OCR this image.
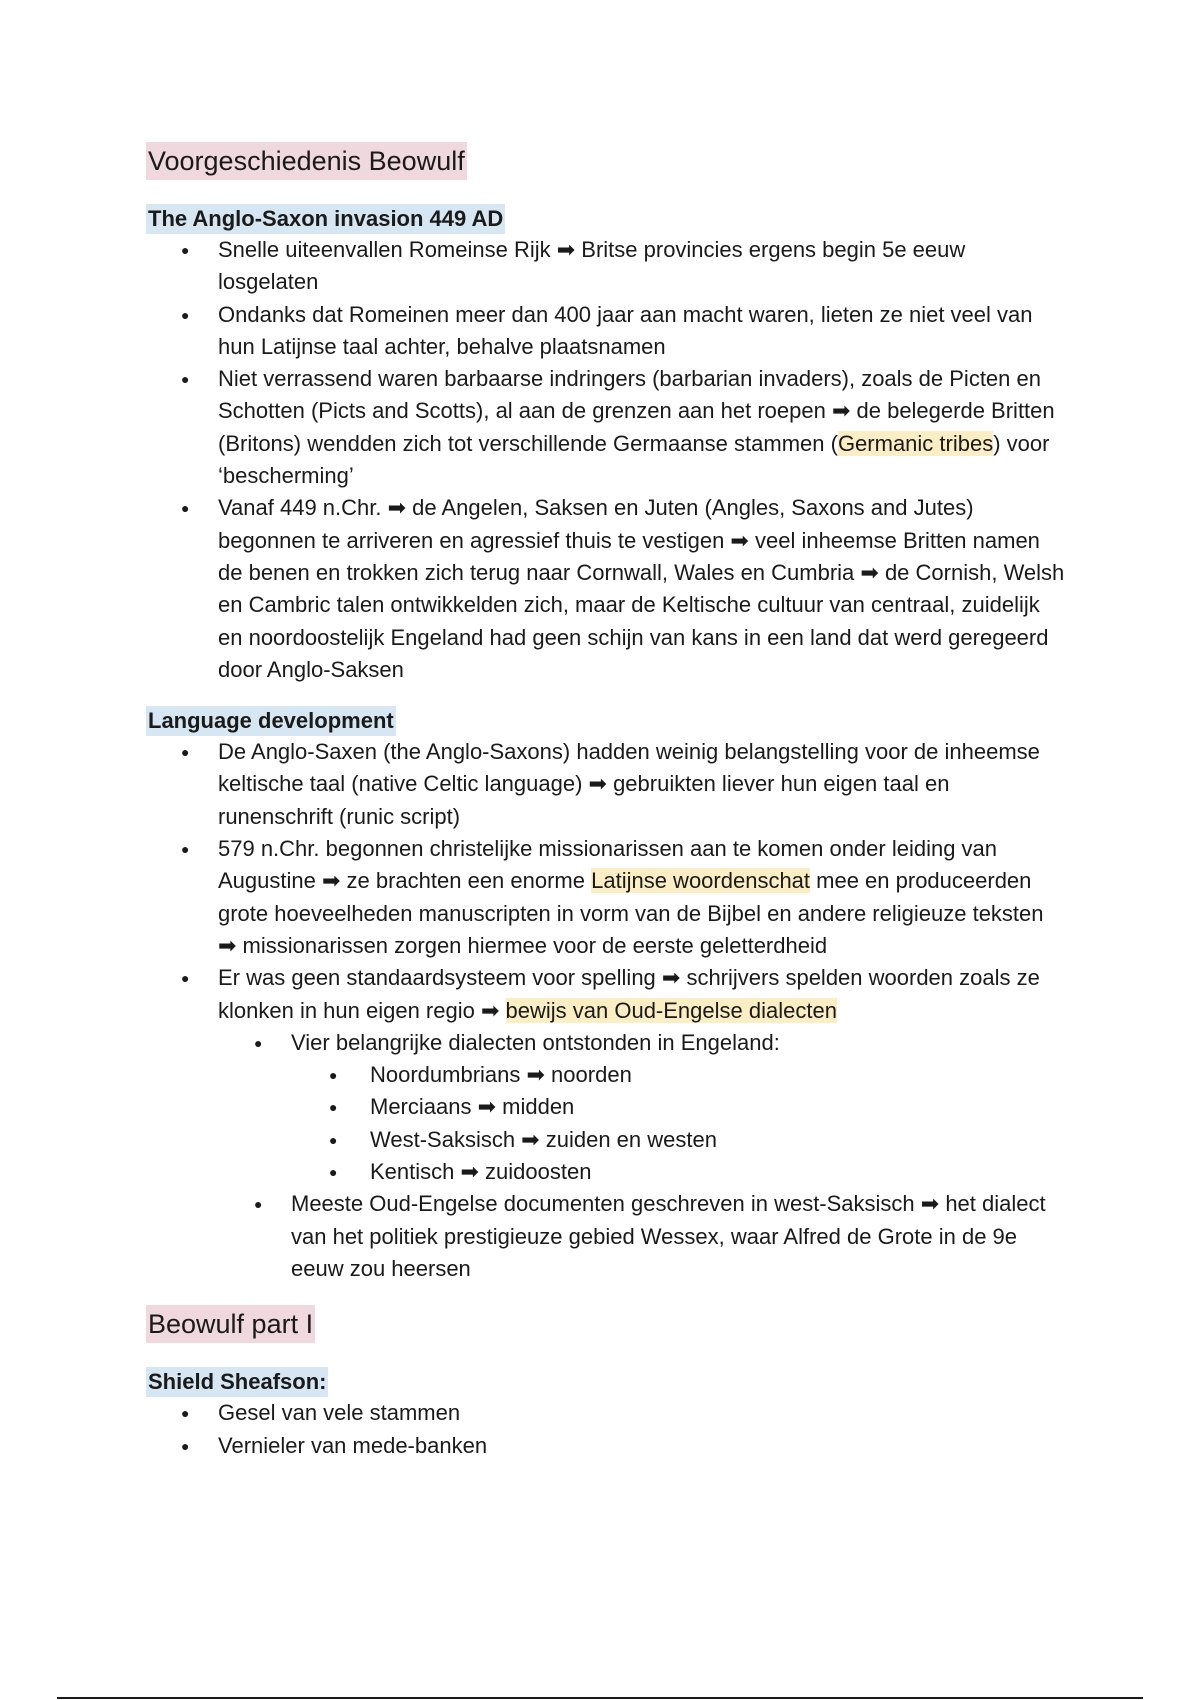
Voorgeschiedenis Beowulf
The Anglo-Saxon invasion 449 AD
● Snelle uiteenvallen Romeinse Rijk ➡ Britse provincies ergens begin 5e eeuw losgelaten
● Ondanks dat Romeinen meer dan 400 jaar aan macht waren, lieten ze niet veel van hun Latijnse taal achter, behalve plaatsnamen
● Niet verrassend waren barbaarse indringers (barbarian invaders), zoals de Picten en Schotten (Picts and Scotts), al aan de grenzen aan het roepen ➡ de belegerde Britten (Britons) wendden zich tot verschillende Germaanse stammen (Germanic tribes) voor ‘bescherming’
● Vanaf 449 n.Chr. ➡ de Angelen, Saksen en Juten (Angles, Saxons and Jutes) begonnen te arriveren en agressief thuis te vestigen ➡ veel inheemse Britten namen de benen en trokken zich terug naar Cornwall, Wales en Cumbria ➡ de Cornish, Welsh en Cambric talen ontwikkelden zich, maar de Keltische cultuur van centraal, zuidelijk en noordoostelijk Engeland had geen schijn van kans in een land dat werd geregeerd door Anglo-Saksen
Language development
● De Anglo-Saxen (the Anglo-Saxons) hadden weinig belangstelling voor de inheemse keltische taal (native Celtic language) ➡ gebruikten liever hun eigen taal en runenschrift (runic script)
● 579 n.Chr. begonnen christelijke missionarissen aan te komen onder leiding van Augustine ➡ ze brachten een enorme Latijnse woordenschat mee en produceerden grote hoeveelheden manuscripten in vorm van de Bijbel en andere religieuze teksten ➡ missionarissen zorgen hiermee voor de eerste geletterdheid
● Er was geen standaardsysteem voor spelling ➡ schrijvers spelden woorden zoals ze klonken in hun eigen regio ➡ bewijs van Oud-Engelse dialecten
● Vier belangrijke dialecten ontstonden in Engeland:
● Noordumbrians ➡ noorden
● Merciaans ➡ midden
● West-Saksisch ➡ zuiden en westen
● Kentisch ➡ zuidoosten
● Meeste Oud-Engelse documenten geschreven in west-Saksisch ➡ het dialect van het politiek prestigieuze gebied Wessex, waar Alfred de Grote in de 9e eeuw zou heersen
Beowulf part I
Shield Sheafson:
● Gesel van vele stammen
● Vernieler van mede-banken
